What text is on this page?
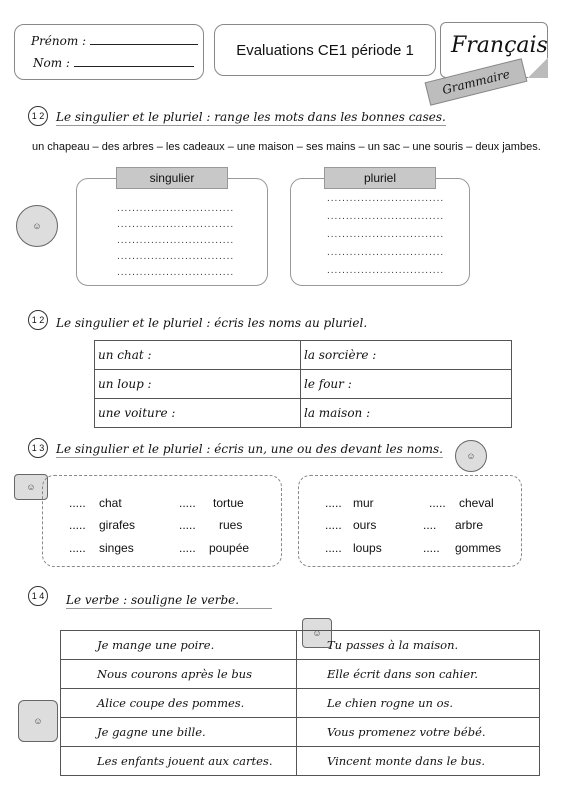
Prénom :
Nom :
Evaluations CE1 période 1	Français
Grammaire
1 2 Le singulier et le pluriel : range les mots dans les bonnes cases.
un chapeau – des arbres – les cadeaux – une maison – ses mains – un sac – une souris – deux jambes.
singulier
...............................
...............................
...............................
...............................
...............................
pluriel
...............................
...............................
...............................
...............................
...............................
☺
1 2 Le singulier et le pluriel : écris les noms au pluriel.
un chat :	la sorcière :
un loup :	le four :
une voiture :	la maison :
1 3 Le singulier et le pluriel : écris un, une ou des devant les noms.	☺
☺
..... chat	..... tortue
..... girafes	..... rues
..... singes	..... poupée
..... mur	..... cheval
..... ours	.... arbre
..... loups	..... gommes
1 4	Le verbe : souligne le verbe.
☺
☺
Je mange une poire.	Tu passes à la maison.
Nous courons après le bus	Elle écrit dans son cahier.
Alice coupe des pommes.	Le chien rogne un os.
Je gagne une bille.	Vous promenez votre bébé.
Les enfants jouent aux cartes.	Vincent monte dans le bus.
